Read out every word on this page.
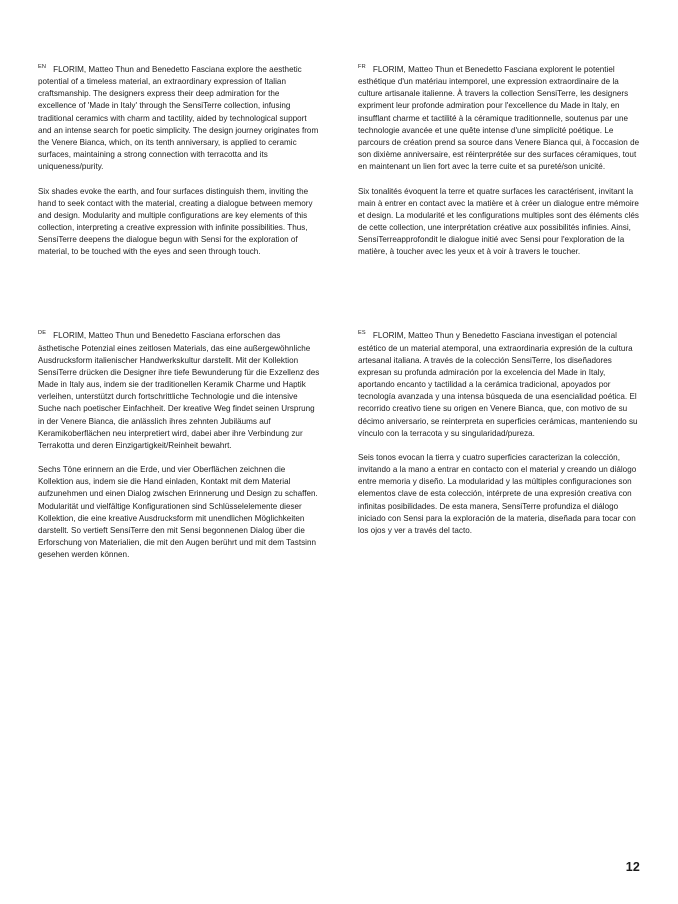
$^{EN}$ FLORIM, Matteo Thun and Benedetto Fasciana explore the aesthetic potential of a timeless material, an extraordinary expression of Italian craftsmanship. The designers express their deep admiration for the excellence of 'Made in Italy' through the SensiTerre collection, infusing traditional ceramics with charm and tactility, aided by technological support and an intense search for poetic simplicity. The design journey originates from the Venere Bianca, which, on its tenth anniversary, is applied to ceramic surfaces, maintaining a strong connection with terracotta and its uniqueness/purity.

Six shades evoke the earth, and four surfaces distinguish them, inviting the hand to seek contact with the material, creating a dialogue between memory and design. Modularity and multiple configurations are key elements of this collection, interpreting a creative expression with infinite possibilities. Thus, SensiTerre deepens the dialogue begun with Sensi for the exploration of material, to be touched with the eyes and seen through touch.

$^{FR}$ FLORIM, Matteo Thun et Benedetto Fasciana explorent le potentiel esthétique d'un matériau intemporel, une expression extraordinaire de la culture artisanale italienne. À travers la collection SensiTerre, les designers expriment leur profonde admiration pour l'excellence du Made in Italy, en insufflant charme et tactilité à la céramique traditionnelle, soutenus par une technologie avancée et une quête intense d'une simplicité poétique. Le parcours de création prend sa source dans Venere Bianca qui, à l'occasion de son dixième anniversaire, est réinterprétée sur des surfaces céramiques, tout en maintenant un lien fort avec la terre cuite et sa pureté/son unicité.

Six tonalités évoquent la terre et quatre surfaces les caractérisent, invitant la main à entrer en contact avec la matière et à créer un dialogue entre mémoire et design. La modularité et les configurations multiples sont des éléments clés de cette collection, une interprétation créative aux possibilités infinies. Ainsi, SensiTerreapprofondit le dialogue initié avec Sensi pour l'exploration de la matière, à toucher avec les yeux et à voir à travers le toucher.

$^{DE}$ FLORIM, Matteo Thun und Benedetto Fasciana erforschen das ästhetische Potenzial eines zeitlosen Materials, das eine außergewöhnliche Ausdrucksform italienischer Handwerkskultur darstellt. Mit der Kollektion SensiTerre drücken die Designer ihre tiefe Bewunderung für die Exzellenz des Made in Italy aus, indem sie der traditionellen Keramik Charme und Haptik verleihen, unterstützt durch fortschrittliche Technologie und die intensive Suche nach poetischer Einfachheit. Der kreative Weg findet seinen Ursprung in der Venere Bianca, die anlässlich ihres zehnten Jubiläums auf Keramikoberflächen neu interpretiert wird, dabei aber ihre Verbindung zur Terrakotta und deren Einzigartigkeit/Reinheit bewahrt.

Sechs Töne erinnern an die Erde, und vier Oberflächen zeichnen die Kollektion aus, indem sie die Hand einladen, Kontakt mit dem Material aufzunehmen und einen Dialog zwischen Erinnerung und Design zu schaffen. Modularität und vielfältige Konfigurationen sind Schlüsselelemente dieser Kollektion, die eine kreative Ausdrucksform mit unendlichen Möglichkeiten darstellt. So vertieft SensiTerre den mit Sensi begonnenen Dialog über die Erforschung von Materialien, die mit den Augen berührt und mit dem Tastsinn gesehen werden können.

$^{ES}$ FLORIM, Matteo Thun y Benedetto Fasciana investigan el potencial estético de un material atemporal, una extraordinaria expresión de la cultura artesanal italiana. A través de la colección SensiTerre, los diseñadores expresan su profunda admiración por la excelencia del Made in Italy, aportando encanto y tactilidad a la cerámica tradicional, apoyados por tecnología avanzada y una intensa búsqueda de una esencialidad poética. El recorrido creativo tiene su origen en Venere Bianca, que, con motivo de su décimo aniversario, se reinterpreta en superficies cerámicas, manteniendo su vínculo con la terracota y su singularidad/pureza.

Seis tonos evocan la tierra y cuatro superficies caracterizan la colección, invitando a la mano a entrar en contacto con el material y creando un diálogo entre memoria y diseño. La modularidad y las múltiples configuraciones son elementos clave de esta colección, intérprete de una expresión creativa con infinitas posibilidades. De esta manera, SensiTerre profundiza el diálogo iniciado con Sensi para la exploración de la materia, diseñada para tocar con los ojos y ver a través del tacto.

12
